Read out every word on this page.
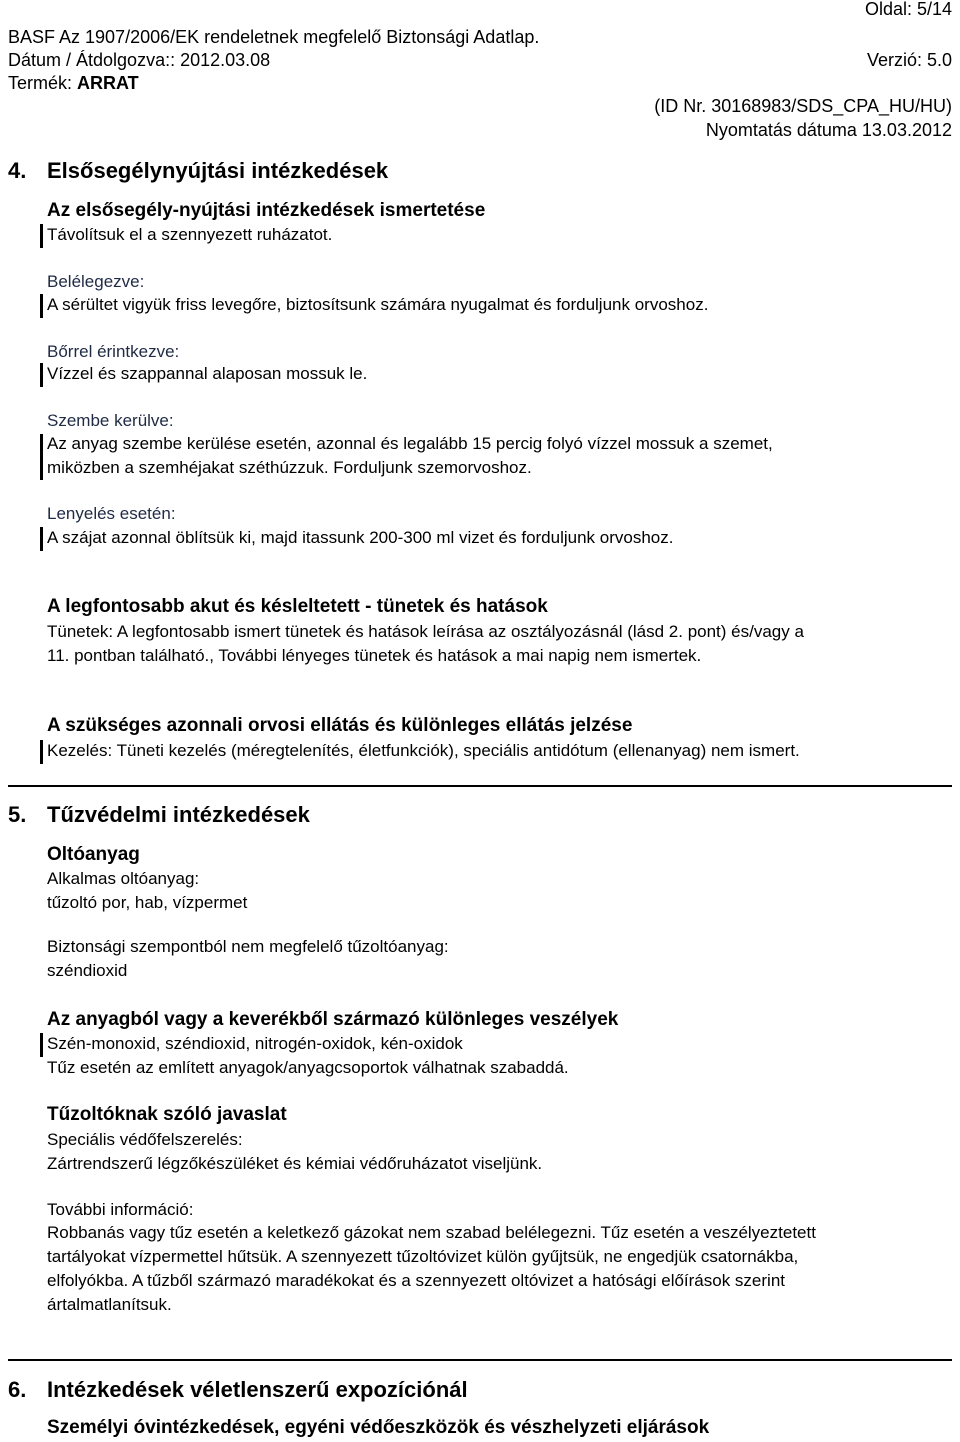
Oldal: 5/14
BASF Az 1907/2006/EK rendeletnek megfelelő Biztonsági Adatlap.
Dátum / Átdolgozva:: 2012.03.08	Verzió: 5.0
Termék: ARRAT
(ID Nr. 30168983/SDS_CPA_HU/HU)
Nyomtatás dátuma 13.03.2012
4. Elsősegélynyújtási intézkedések
Az elsősegély-nyújtási intézkedések ismertetése
Távolítsuk el a szennyezett ruházatot.
Belélegezve:
A sérültet vigyük friss levegőre, biztosítsunk számára nyugalmat és forduljunk orvoshoz.
Bőrrel érintkezve:
Vízzel és szappannal alaposan mossuk le.
Szembe kerülve:
Az anyag szembe kerülése esetén, azonnal és legalább 15 percig folyó vízzel mossuk a szemet,
miközben a szemhéjakat széthúzzuk. Forduljunk szemorvoshoz.
Lenyelés esetén:
A szájat azonnal öblítsük ki, majd itassunk 200-300 ml vizet és forduljunk orvoshoz.
A legfontosabb akut és késleltetett - tünetek és hatások
Tünetek: A legfontosabb ismert tünetek és hatások leírása az osztályozásnál (lásd 2. pont) és/vagy a
11. pontban található., További lényeges tünetek és hatások a mai napig nem ismertek.
A szükséges azonnali orvosi ellátás és különleges ellátás jelzése
Kezelés: Tüneti kezelés (méregtelenítés, életfunkciók), speciális antidótum (ellenanyag) nem ismert.
5. Tűzvédelmi intézkedések
Oltóanyag
Alkalmas oltóanyag:
tűzoltó por, hab, vízpermet
Biztonsági szempontból nem megfelelő tűzoltóanyag:
széndioxid
Az anyagból vagy a keverékből származó különleges veszélyek
Szén-monoxid, széndioxid, nitrogén-oxidok, kén-oxidok
Tűz esetén az említett anyagok/anyagcsoportok válhatnak szabaddá.
Tűzoltóknak szóló javaslat
Speciális védőfelszerelés:
Zártrendszerű légzőkészüléket és kémiai védőruházatot viseljünk.
További információ:
Robbanás vagy tűz esetén a keletkező gázokat nem szabad belélegezni. Tűz esetén a veszélyeztetett
tartályokat vízpermettel hűtsük. A szennyezett tűzoltóvizet külön gyűjtsük, ne engedjük csatornákba,
elfolyókba. A tűzből származó maradékokat és a szennyezett oltóvizet a hatósági előírások szerint
ártalmatlanítsuk.
6. Intézkedések véletlenszerű expozíciónál
Személyi óvintézkedések, egyéni védőeszközök és vészhelyzeti eljárások
